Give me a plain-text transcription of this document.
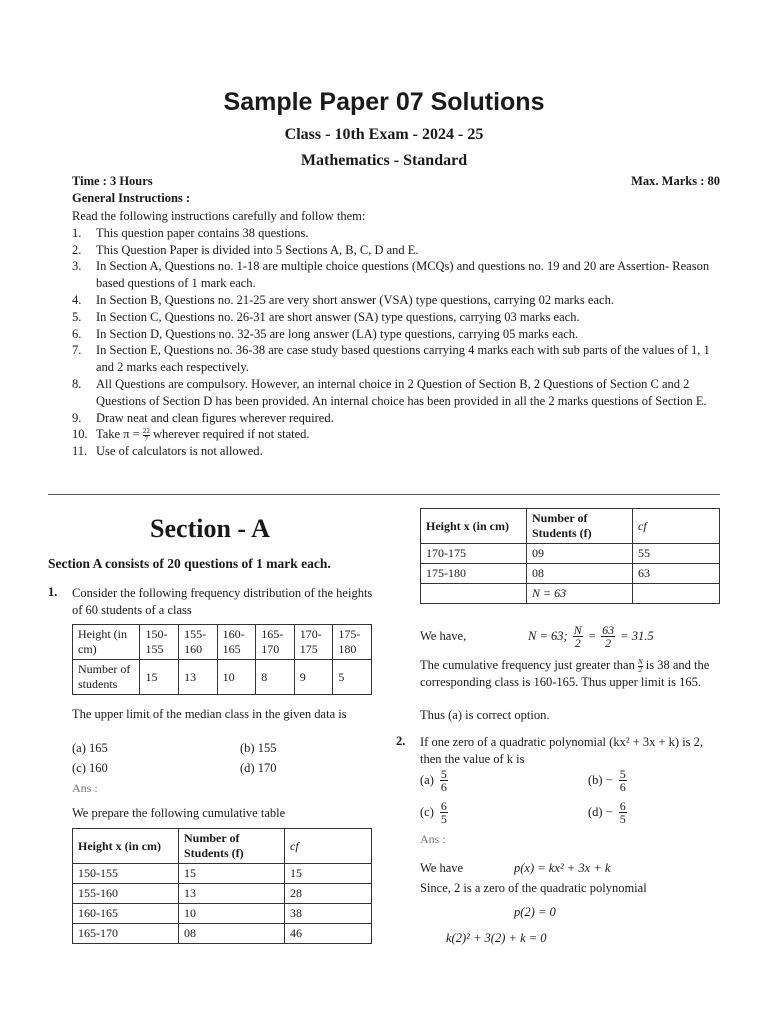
Sample Paper 07 Solutions
Class - 10th Exam - 2024 - 25
Mathematics - Standard
Time : 3 Hours	Max. Marks : 80
General Instructions :
Read the following instructions carefully and follow them:
1.	This question paper contains 38 questions.
2.	This Question Paper is divided into 5 Sections A, B, C, D and E.
3.	In Section A, Questions no. 1-18 are multiple choice questions (MCQs) and questions no. 19 and 20 are Assertion- Reason based questions of 1 mark each.
4.	In Section B, Questions no. 21-25 are very short answer (VSA) type questions, carrying 02 marks each.
5.	In Section C, Questions no. 26-31 are short answer (SA) type questions, carrying 03 marks each.
6.	In Section D, Questions no. 32-35 are long answer (LA) type questions, carrying 05 marks each.
7.	In Section E, Questions no. 36-38 are case study based questions carrying 4 marks each with sub parts of the values of 1, 1 and 2 marks each respectively.
8.	All Questions are compulsory. However, an internal choice in 2 Question of Section B, 2 Questions of Section C and 2 Questions of Section D has been provided. An internal choice has been provided in all the 2 marks questions of Section E.
9.	Draw neat and clean figures wherever required.
10. Take $\pi = \frac{22}{7}$ wherever required if not stated.
11. Use of calculators is not allowed.
Section - A
Section A consists of 20 questions of 1 mark each.
1. Consider the following frequency distribution of the heights of 60 students of a class
Height (in cm)	150-155	155-160	160-165	165-170	170-175	175-180
Number of students	15	13	10	8	9	5
The upper limit of the median class in the given data is
(a) 165	(b) 155
(c) 160	(d) 170
Ans :
We prepare the following cumulative table
Height x (in cm)	Number of Students (f)	cf
150-155	15	15
155-160	13	28
160-165	10	38
165-170	08	46
Height x (in cm)	Number of Students (f)	cf
170-175	09	55
175-180	08	63
	N = 63	
We have,	N = 63; $\frac{N}{2} = \frac{63}{2} = 31.5$
The cumulative frequency just greater than $\frac{N}{2}$ is 38 and the corresponding class is 160-165. Thus upper limit is 165.
Thus (a) is correct option.
2. If one zero of a quadratic polynomial (kx² + 3x + k) is 2, then the value of k is
$(a) \frac{5}{6}$	$(b) - \frac{5}{6}$
$(c) \frac{6}{5}$	$(d) - \frac{6}{5}$
Ans :
We have	p(x) = kx² + 3x + k
Since, 2 is a zero of the quadratic polynomial
p(2) = 0
k(2)² + 3(2) + k = 0
